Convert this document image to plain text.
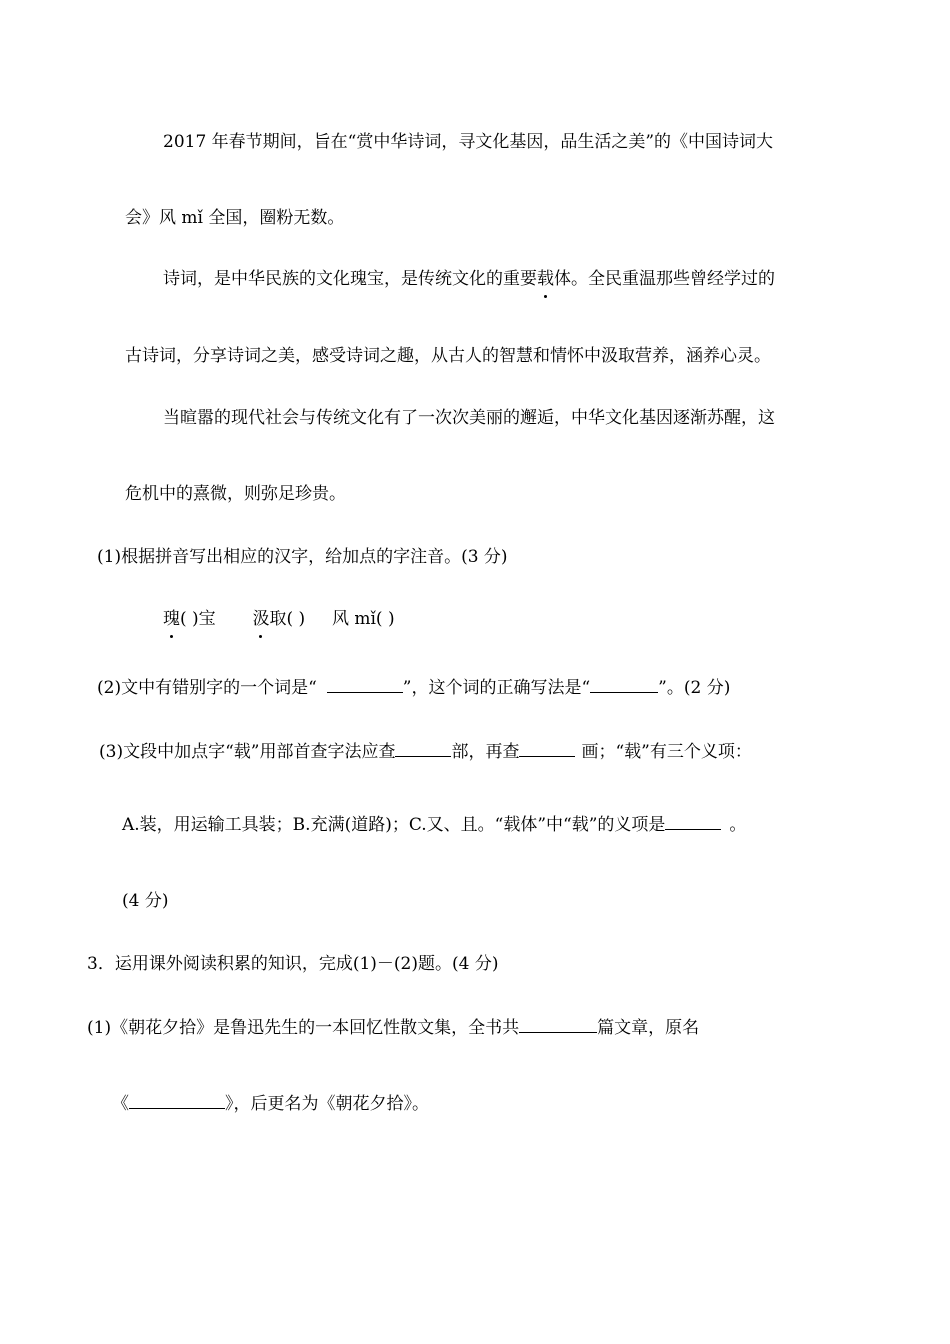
2017 年春节期间，旨在“赏中华诗词，寻文化基因，品生活之美”的《中国诗词大
会》风 mǐ 全国，圈粉无数。
诗词，是中华民族的文化瑰宝，是传统文化的重要载体。全民重温那些曾经学过的
古诗词，分享诗词之美，感受诗词之趣，从古人的智慧和情怀中汲取营养，涵养心灵。
当暄嚣的现代社会与传统文化有了一次次美丽的邂逅，中华文化基因逐渐苏醒，这
危机中的熹微，则弥足珍贵。
(1)根据拼音写出相应的汉字，给加点的字注音。(3 分)
瑰( )宝 汲取( ) 风 mǐ( )
(2)文中有错别字的一个词是“	”，这个词的正确写法是“	”。(2 分)
(3)文段中加点字“载”用部首查字法应查	部，再查	画；“载”有三个义项：
A.装，用运输工具装；B.充满(道路)；C.又、且。“载体”中“载”的义项是	。
(4 分)
3．运用课外阅读积累的知识，完成(1)－(2)题。(4 分)
(1)《朝花夕拾》是鲁迅先生的一本回忆性散文集，全书共	篇文章，原名
《	》，后更名为《朝花夕拾》。
